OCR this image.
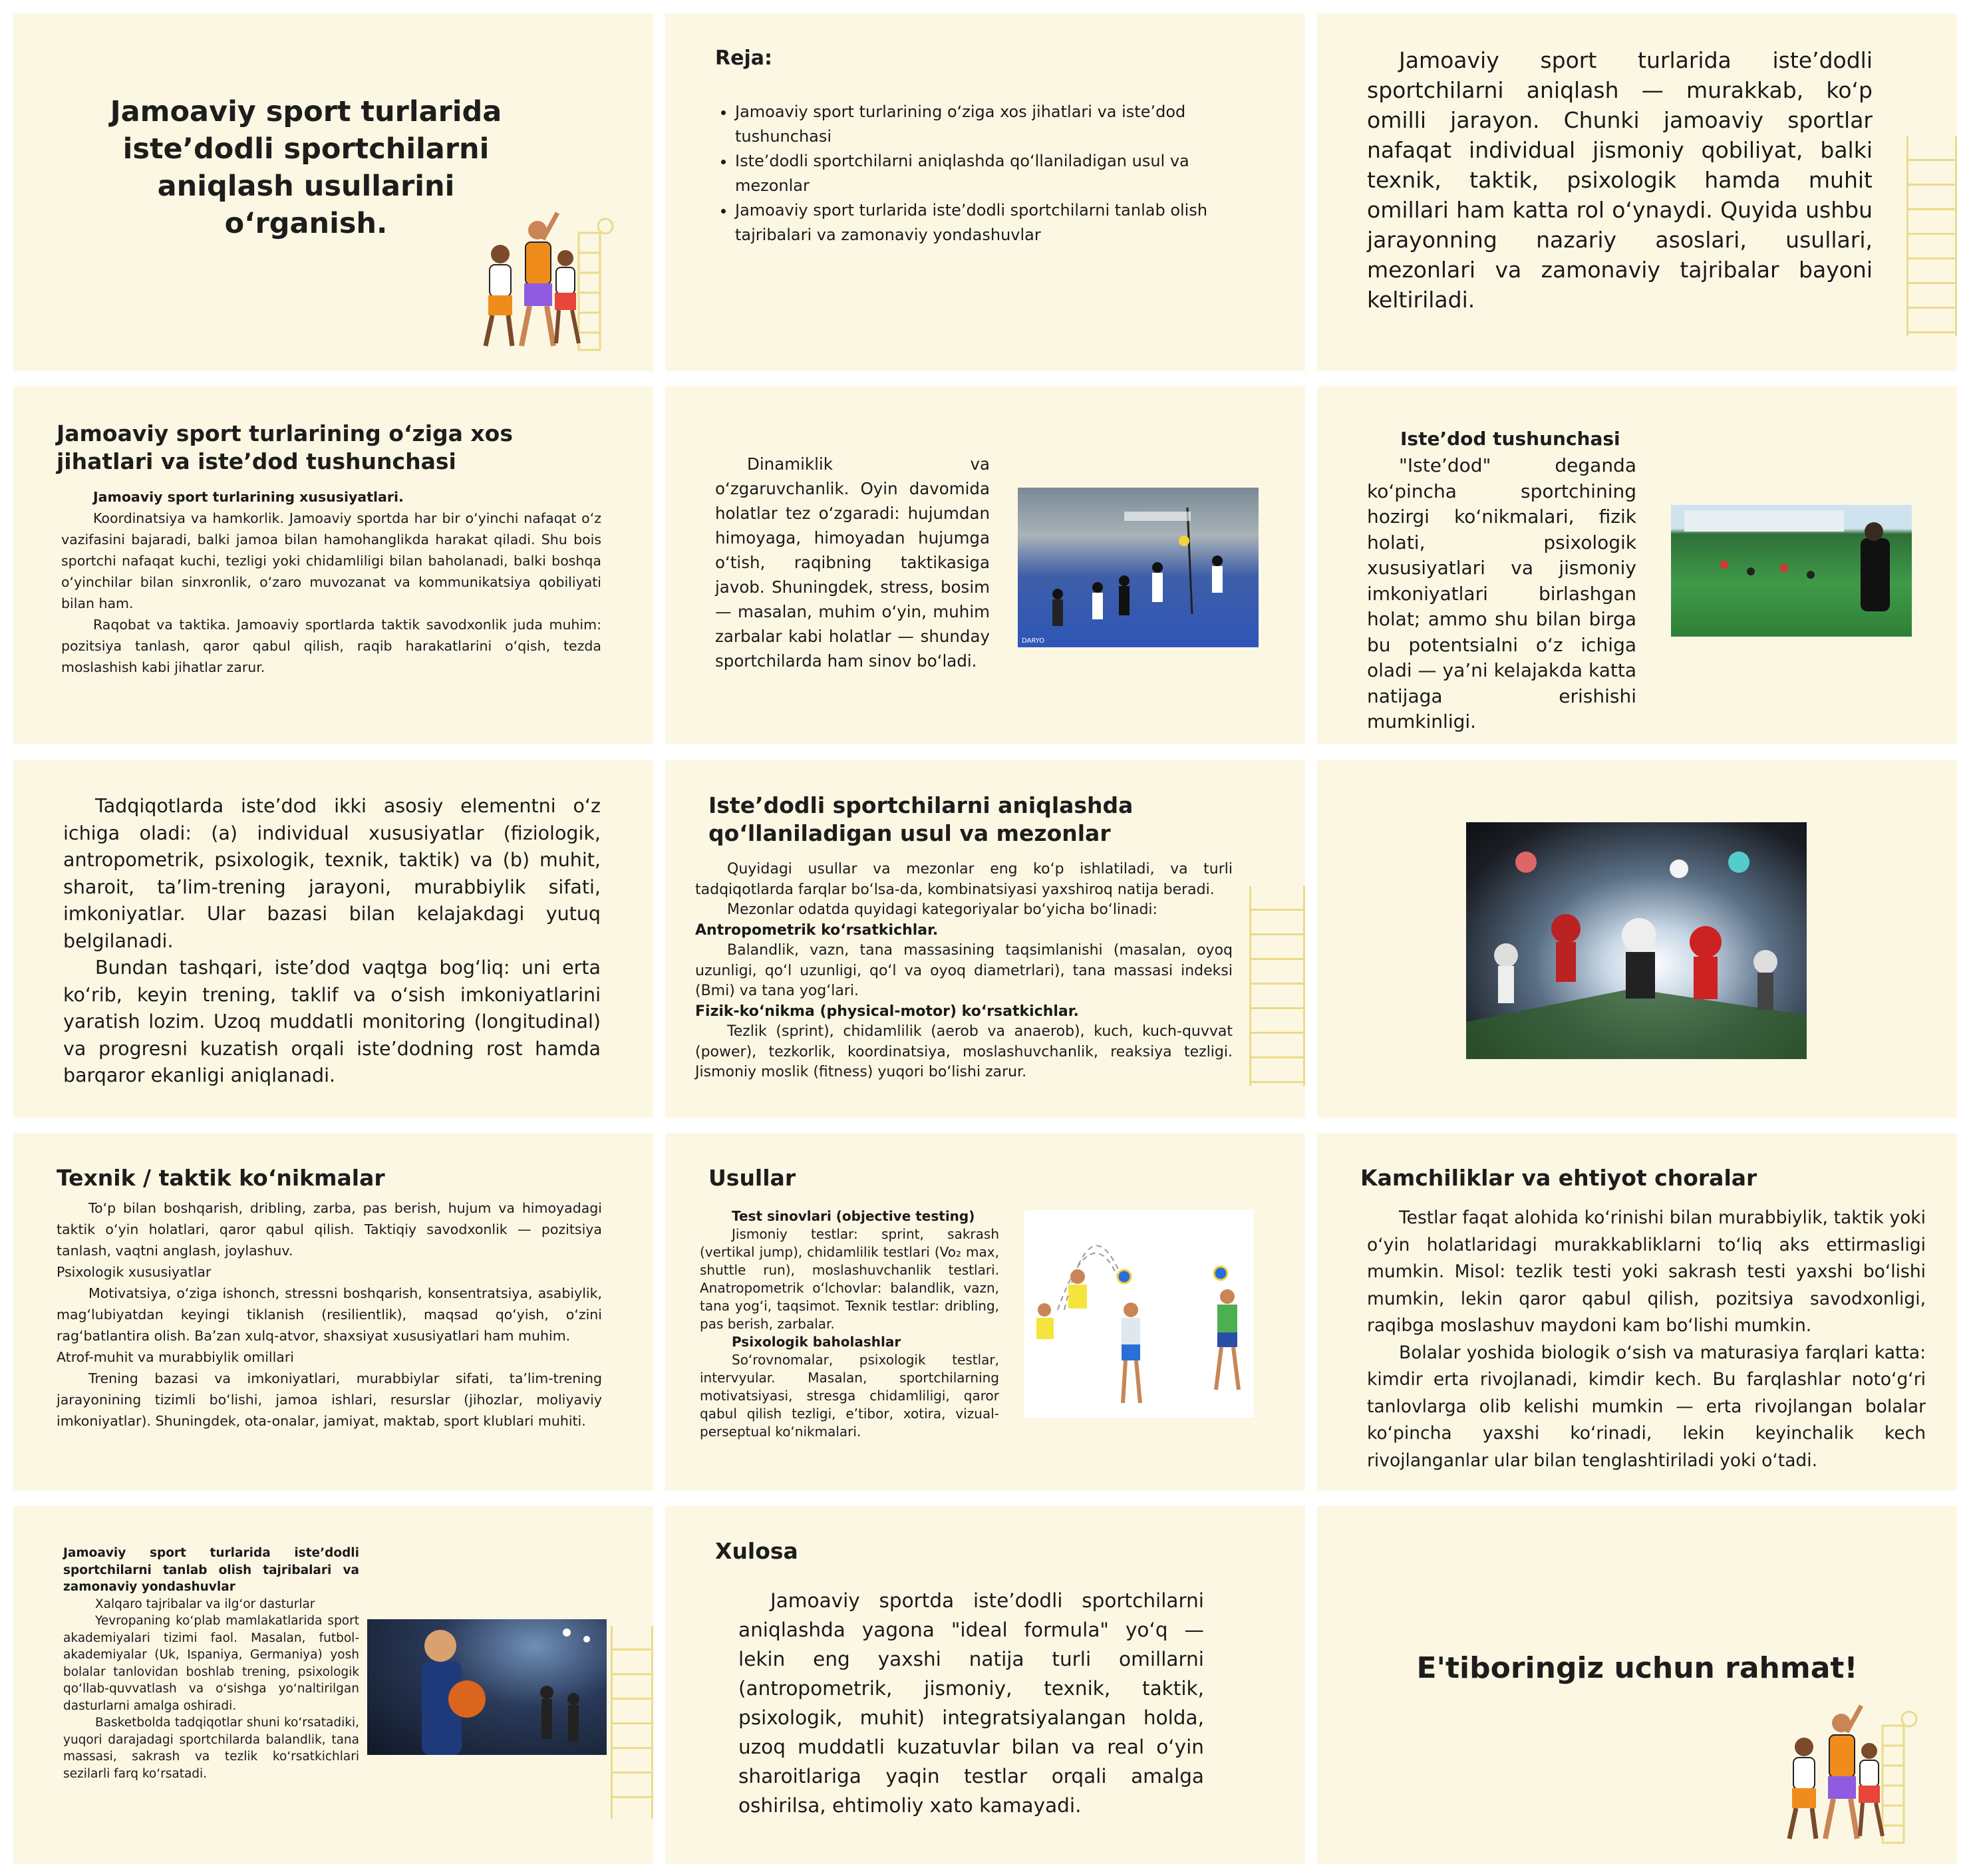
Jamoaviy sport turlarida iste’dodli sportchilarni aniqlash usullarini o‘rganish.
Reja:
• Jamoaviy sport turlarining o‘ziga xos jihatlari va iste’dod tushunchasi
• Iste’dodli sportchilarni aniqlashda qo‘llaniladigan usul va mezonlar
• Jamoaviy sport turlarida iste’dodli sportchilarni tanlab olish tajribalari va zamonaviy yondashuvlar

Jamoaviy sport turlarida iste’dodli sportchilarni aniqlash — murakkab, ko‘p omilli jarayon. Chunki jamoaviy sportlar nafaqat individual jismoniy qobiliyat, balki texnik, taktik, psixologik hamda muhit omillari ham katta rol o‘ynaydi. Quyida ushbu jarayonning nazariy asoslari, usullari, mezonlari va zamonaviy tajribalar bayoni keltiriladi.

Jamoaviy sport turlarining o‘ziga xos jihatlari va iste’dod tushunchasi

Jamoaviy sport turlarining xususiyatlari.

Koordinatsiya va hamkorlik. Jamoaviy sportda har bir o‘yinchi nafaqat o‘z vazifasini bajaradi, balki jamoa bilan hamohanglikda harakat qiladi. Shu bois sportchi nafaqat kuchi, tezligi yoki chidamliligi bilan baholanadi, balki boshqa o‘yinchilar bilan sinxronlik, o‘zaro muvozanat va kommunikatsiya qobiliyati bilan ham.

Raqobat va taktika. Jamoaviy sportlarda taktik savodxonlik juda muhim: pozitsiya tanlash, qaror qabul qilish, raqib harakatlarini o‘qish, tezda moslashish kabi jihatlar zarur.

Dinamiklik va o‘zgaruvchanlik. Oyin davomida holatlar tez o‘zgaradi: hujumdan himoyaga, himoyadan hujumga o‘tish, raqibning taktikasiga javob. Shuningdek, stress, bosim — masalan, muhim o‘yin, muhim zarbalar kabi holatlar — shunday sportchilarda ham sinov bo‘ladi.

DARYO
Iste’dod tushunchasi

"Iste’dod" deganda ko‘pincha sportchining hozirgi ko‘nikmalari, fizik holati, psixologik xususiyatlari va jismoniy imkoniyatlari birlashgan holat; ammo shu bilan birga bu potentsialni o‘z ichiga oladi — ya’ni kelajakda katta natijaga erishishi mumkinligi.

Tadqiqotlarda iste’dod ikki asosiy elementni o‘z ichiga oladi: (a) individual xususiyatlar (fiziologik, antropometrik, psixologik, texnik, taktik) va (b) muhit, sharoit, ta’lim-trening jarayoni, murabbiylik sifati, imkoniyatlar. Ular bazasi bilan kelajakdagi yutuq belgilanadi.

Bundan tashqari, iste’dod vaqtga bog‘liq: uni erta ko‘rib, keyin trening, taklif va o‘sish imkoniyatlarini yaratish lozim. Uzoq muddatli monitoring (longitudinal) va progresni kuzatish orqali iste’dodning rost hamda barqaror ekanligi aniqlanadi.

Iste’dodli sportchilarni aniqlashda qo‘llaniladigan usul va mezonlar

Quyidagi usullar va mezonlar eng ko‘p ishlatiladi, va turli tadqiqotlarda farqlar bo‘lsa-da, kombinatsiyasi yaxshiroq natija beradi.

Mezonlar odatda quyidagi kategoriyalar bo‘yicha bo‘linadi:

Antropometrik ko‘rsatkichlar.

Balandlik, vazn, tana massasining taqsimlanishi (masalan, oyoq uzunligi, qo‘l uzunligi, qo‘l va oyoq diametrlari), tana massasi indeksi (Bmi) va tana yog‘lari.

Fizik-ko‘nikma (physical-motor) ko‘rsatkichlar.

Tezlik (sprint), chidamlilik (aerob va anaerob), kuch, kuch-quvvat (power), tezkorlik, koordinatsiya, moslashuvchanlik, reaksiya tezligi. Jismoniy moslik (fitness) yuqori bo‘lishi zarur.

Texnik / taktik ko‘nikmalar

To‘p bilan boshqarish, dribling, zarba, pas berish, hujum va himoyadagi taktik o‘yin holatlari, qaror qabul qilish. Taktiqiy savodxonlik — pozitsiya tanlash, vaqtni anglash, joylashuv.

Psixologik xususiyatlar

Motivatsiya, o‘ziga ishonch, stressni boshqarish, konsentratsiya, asabiylik, mag‘lubiyatdan keyingi tiklanish (resilientlik), maqsad qo‘yish, o‘zini rag‘batlantira olish. Ba’zan xulq-atvor, shaxsiyat xususiyatlari ham muhim.

Atrof-muhit va murabbiylik omillari

Trening bazasi va imkoniyatlari, murabbiylar sifati, ta’lim-trening jarayonining tizimli bo‘lishi, jamoa ishlari, resurslar (jihozlar, moliyaviy imkoniyatlar). Shuningdek, ota-onalar, jamiyat, maktab, sport klublari muhiti.

Usullar

Test sinovlari (objective testing)

Jismoniy testlar: sprint, sakrash (vertikal jump), chidamlilik testlari (Vo₂ max, shuttle run), moslashuvchanlik testlari. Anatropometrik o‘lchovlar: balandlik, vazn, tana yog‘i, taqsimot. Texnik testlar: dribling, pas berish, zarbalar.

Psixologik baholashlar

So‘rovnomalar, psixologik testlar, intervyular. Masalan, sportchilarning motivatsiyasi, stresga chidamliligi, qaror qabul qilish tezligi, e’tibor, xotira, vizual-perseptual ko‘nikmalari.

Kamchiliklar va ehtiyot choralar

Testlar faqat alohida ko‘rinishi bilan murabbiylik, taktik yoki o‘yin holatlaridagi murakkabliklarni to‘liq aks ettirmasligi mumkin. Misol: tezlik testi yoki sakrash testi yaxshi bo‘lishi mumkin, lekin qaror qabul qilish, pozitsiya savodxonligi, raqibga moslashuv maydoni kam bo‘lishi mumkin.

Bolalar yoshida biologik o‘sish va maturasiya farqlari katta: kimdir erta rivojlanadi, kimdir kech. Bu farqlashlar noto‘g‘ri tanlovlarga olib kelishi mumkin — erta rivojlangan bolalar ko‘pincha yaxshi ko‘rinadi, lekin keyinchalik kech rivojlanganlar ular bilan tenglashtiriladi yoki o‘tadi.

Jamoaviy sport turlarida iste’dodli sportchilarni tanlab olish tajribalari va zamonaviy yondashuvlar

Xalqaro tajribalar va ilg‘or dasturlar

Yevropaning ko‘plab mamlakatlarida sport akademiyalari tizimi faol. Masalan, futbol-akademiyalar (Uk, Ispaniya, Germaniya) yosh bolalar tanlovidan boshlab trening, psixologik qo‘llab-quvvatlash va o‘sishga yo‘naltirilgan dasturlarni amalga oshiradi.

Basketbolda tadqiqotlar shuni ko‘rsatadiki, yuqori darajadagi sportchilarda balandlik, tana massasi, sakrash va tezlik ko‘rsatkichlari sezilarli farq ko‘rsatadi.

Xulosa

Jamoaviy sportda iste’dodli sportchilarni aniqlashda yagona "ideal formula" yo‘q — lekin eng yaxshi natija turli omillarni (antropometrik, jismoniy, texnik, taktik, psixologik, muhit) integratsiyalangan holda, uzoq muddatli kuzatuvlar bilan va real o‘yin sharoitlariga yaqin testlar orqali amalga oshirilsa, ehtimoliy xato kamayadi.

E'tiboringiz uchun rahmat!
